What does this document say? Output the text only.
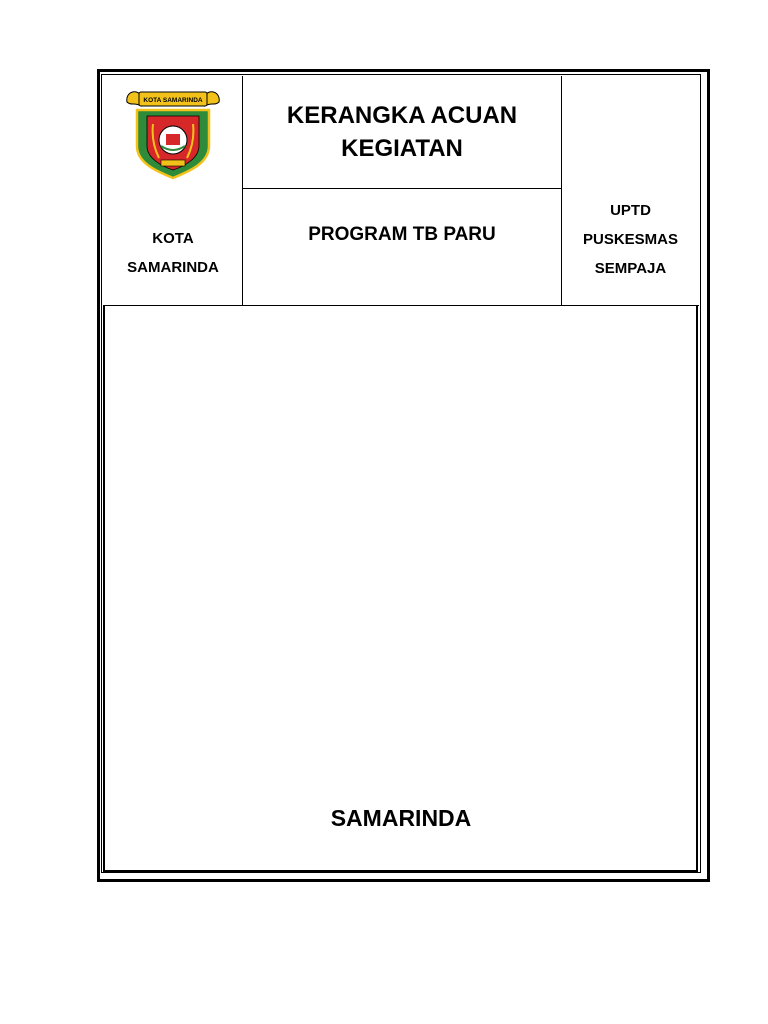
KOTA SAMARINDA
KOTA
SAMARINDA
KERANGKA ACUAN
KEGIATAN
PROGRAM TB PARU
UPTD
PUSKESMAS
SEMPAJA
SAMARINDA
